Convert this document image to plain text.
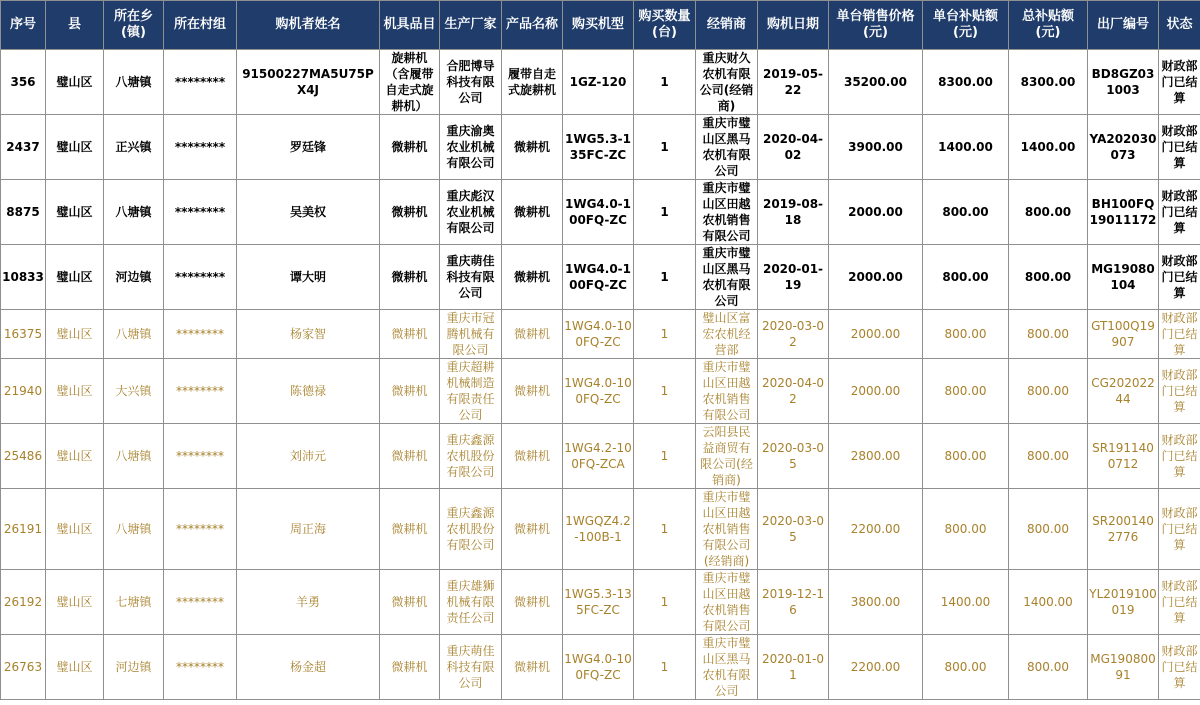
序号	县	所在乡(镇)	所在村组	购机者姓名	机具品目	生产厂家	产品名称	购买机型	购买数量(台)	经销商	购机日期	单台销售价格(元)	单台补贴额(元)	总补贴额(元)	出厂编号	状态
356	璧山区	八塘镇	********	91500227MA5U75PX4J	旋耕机（含履带自走式旋耕机）	合肥博导科技有限公司	履带自走式旋耕机	1GZ-120	1	重庆财久农机有限公司(经销商)	2019-05-22	35200.00	8300.00	8300.00	BD8GZ031003	财政部门已结算
2437	璧山区	正兴镇	********	罗廷锋	微耕机	重庆渝奥农业机械有限公司	微耕机	1WG5.3-135FC-ZC	1	重庆市璧山区黑马农机有限公司	2020-04-02	3900.00	1400.00	1400.00	YA202030073	财政部门已结算
8875	璧山区	八塘镇	********	吴美权	微耕机	重庆彪汉农业机械有限公司	微耕机	1WG4.0-100FQ-ZC	1	重庆市璧山区田越农机销售有限公司	2019-08-18	2000.00	800.00	800.00	BH100FQ19011172	财政部门已结算
10833	璧山区	河边镇	********	谭大明	微耕机	重庆萌佳科技有限公司	微耕机	1WG4.0-100FQ-ZC	1	重庆市璧山区黑马农机有限公司	2020-01-19	2000.00	800.00	800.00	MG19080104	财政部门已结算
16375	璧山区	八塘镇	********	杨家智	微耕机	重庆市冠腾机械有限公司	微耕机	1WG4.0-100FQ-ZC	1	璧山区富宏农机经营部	2020-03-02	2000.00	800.00	800.00	GT100Q19907	财政部门已结算
21940	璧山区	大兴镇	********	陈德禄	微耕机	重庆超耕机械制造有限责任公司	微耕机	1WG4.0-100FQ-ZC	1	重庆市璧山区田越农机销售有限公司	2020-04-02	2000.00	800.00	800.00	CG20202244	财政部门已结算
25486	璧山区	八塘镇	********	刘沛元	微耕机	重庆鑫源农机股份有限公司	微耕机	1WG4.2-100FQ-ZCA	1	云阳县民益商贸有限公司(经销商)	2020-03-05	2800.00	800.00	800.00	SR1911400712	财政部门已结算
26191	璧山区	八塘镇	********	周正海	微耕机	重庆鑫源农机股份有限公司	微耕机	1WGQZ4.2-100B-1	1	重庆市璧山区田越农机销售有限公司(经销商)	2020-03-05	2200.00	800.00	800.00	SR2001402776	财政部门已结算
26192	璧山区	七塘镇	********	羊勇	微耕机	重庆雄狮机械有限责任公司	微耕机	1WG5.3-135FC-ZC	1	重庆市璧山区田越农机销售有限公司	2019-12-16	3800.00	1400.00	1400.00	YL2019100019	财政部门已结算
26763	璧山区	河边镇	********	杨金超	微耕机	重庆萌佳科技有限公司	微耕机	1WG4.0-100FQ-ZC	1	重庆市璧山区黑马农机有限公司	2020-01-01	2200.00	800.00	800.00	MG19080091	财政部门已结算
